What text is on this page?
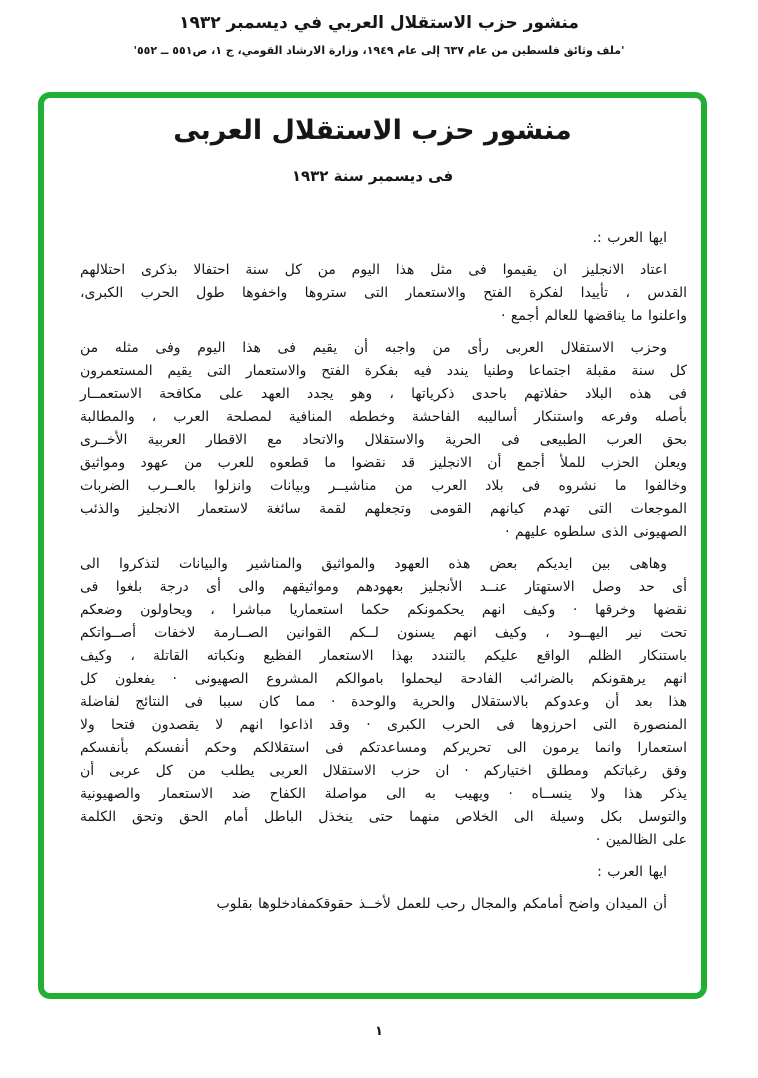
منشور حزب الاستقلال العربي في ديسمبر ١٩٣٢
'ملف وثائق فلسطين من عام ٦٣٧ إلى عام ١٩٤٩، وزارة الارشاد القومي، ج ١، ص٥٥١ ــ ٥٥٢'
منشور حزب الاستقلال العربى
فى ديسمبر سنة ١٩٣٢
ايها العرب :.
اعتاد الانجليز ان يقيموا فى مثل هذا اليوم من كل سنة احتفالا بذكرى احتلالهم
القدس ، تأييدا لفكرة الفتح والاستعمار التى ستروها واخفوها طول الحرب الكبرى،
واعلنوا ما يناقضها للعالم أجمع ·
وحزب الاستقلال العربى رأى من واجبه أن يقيم فى هذا اليوم وفى مثله من
كل سنة مقبلة اجتماعا وطنيا يندد فيه بفكرة الفتح والاستعمار التى يقيم المستعمرون
فى هذه البلاد حفلاتهم باحدى ذكرياتها ، وهو يجدد العهد على مكافحة الاستعمــار
بأصله وفرعه واستنكار أساليبه الفاحشة وخططه المنافية لمصلحة العرب ، والمطالبة
بحق العرب الطبيعى فى الحرية والاستقلال والاتحاد مع الاقطار العربية الأخــرى
ويعلن الحزب للملأ أجمع أن الانجليز قد نقضوا ما قطعوه للعرب من عهود ومواثيق
وخالفوا ما نشروه فى بلاد العرب من مناشيــر وبيانات وانزلوا بالعــرب الضربات
الموجعات التى تهدم كيانهم القومى وتجعلهم لقمة سائغة لاستعمار الانجليز والذئب
الصهيونى الذى سلطوه عليهم ·
وهاهى بين ايديكم بعض هذه العهود والمواثيق والمناشير والبيانات لتذكروا الى
أى حد وصل الاستهتار عنــد الأنجليز بعهودهم ومواثيقهم والى أى درجة بلغوا فى
نقضها وخرقها · وكيف انهم يحكمونكم حكما استعماريا مباشرا ، ويحاولون وضعكم
تحت نير اليهــود ، وكيف انهم يسنون لــكم القوانين الصــارمة لاخفات أصــواتكم
باستنكار الظلم الواقع عليكم بالتندد بهذا الاستعمار الفظيع ونكباته القاتلة ، وكيف
انهم يرهقونكم بالضرائب الفادحة ليحملوا باموالكم المشروع الصهيونى · يفعلون كل
هذا بعد أن وعدوكم بالاستقلال والحرية والوحدة · مما كان سببا فى النتائج لفاضلة
المنصورة التى احرزوها فى الحرب الكبرى · وقد اذاعوا انهم لا يقصدون فتحا ولا
استعمارا وانما يرمون الى تحريركم ومساعدتكم فى استقلالكم وحكم أنفسكم بأنفسكم
وفق رغباتكم ومطلق اختياركم · ان حزب الاستقلال العربى يطلب من كل عربى أن
يذكر هذا ولا ينســاه · ويهيب به الى مواصلة الكفاح ضد الاستعمار والصهيونية
والتوسل بكل وسيلة الى الخلاص منهما حتى ينخذل الباطل أمام الحق وتحق الكلمة
على الظالمين ·
ايها العرب :
أن الميدان واضح أمامكم والمجال رحب للعمل لأخــذ حقوقكمفادخلوها بقلوب
١
